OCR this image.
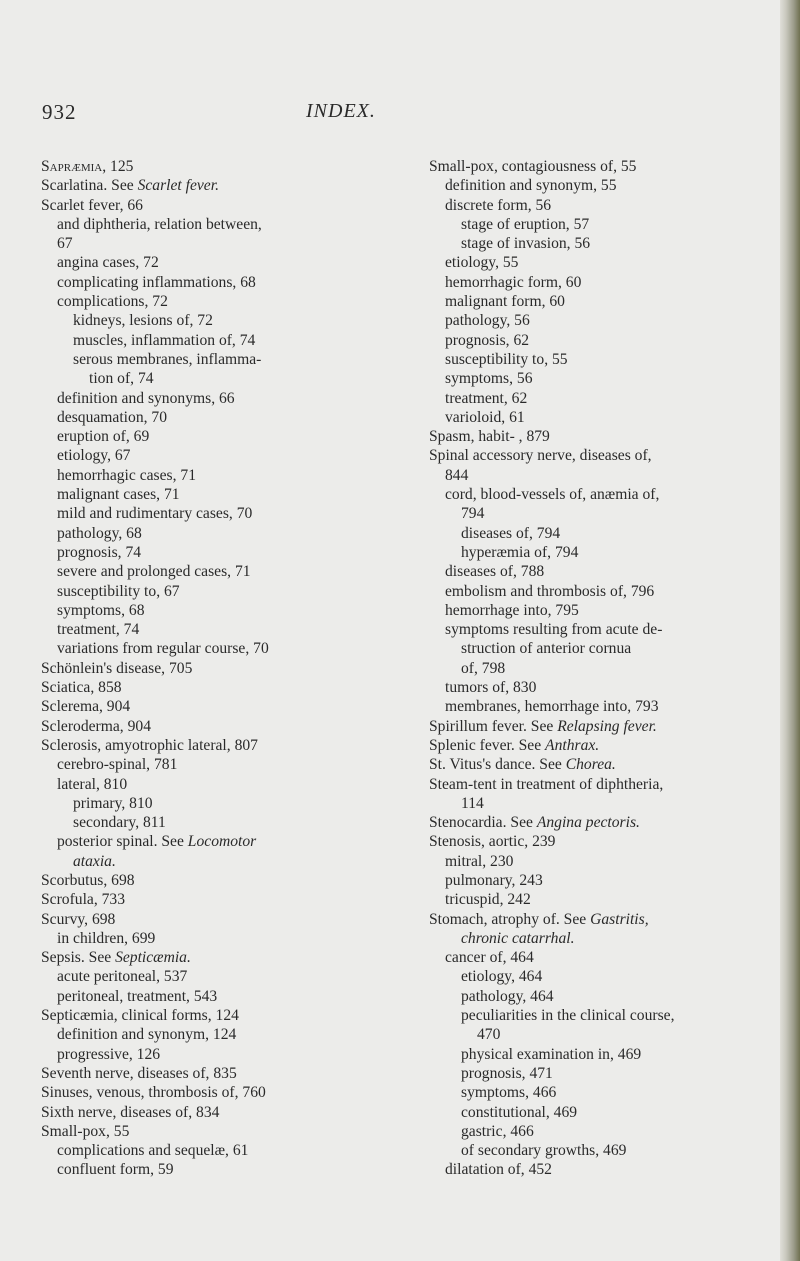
932	INDEX.
Sapræmia, 125
Scarlatina. See Scarlet fever.
Scarlet fever, 66
and diphtheria, relation between,
67
angina cases, 72
complicating inflammations, 68
complications, 72
kidneys, lesions of, 72
muscles, inflammation of, 74
serous membranes, inflamma-
tion of, 74
definition and synonyms, 66
desquamation, 70
eruption of, 69
etiology, 67
hemorrhagic cases, 71
malignant cases, 71
mild and rudimentary cases, 70
pathology, 68
prognosis, 74
severe and prolonged cases, 71
susceptibility to, 67
symptoms, 68
treatment, 74
variations from regular course, 70
Schönlein's disease, 705
Sciatica, 858
Sclerema, 904
Scleroderma, 904
Sclerosis, amyotrophic lateral, 807
cerebro-spinal, 781
lateral, 810
primary, 810
secondary, 811
posterior spinal. See Locomotor
ataxia.
Scorbutus, 698
Scrofula, 733
Scurvy, 698
in children, 699
Sepsis. See Septicæmia.
acute peritoneal, 537
peritoneal, treatment, 543
Septicæmia, clinical forms, 124
definition and synonym, 124
progressive, 126
Seventh nerve, diseases of, 835
Sinuses, venous, thrombosis of, 760
Sixth nerve, diseases of, 834
Small-pox, 55
complications and sequelæ, 61
confluent form, 59
Small-pox, contagiousness of, 55
definition and synonym, 55
discrete form, 56
stage of eruption, 57
stage of invasion, 56
etiology, 55
hemorrhagic form, 60
malignant form, 60
pathology, 56
prognosis, 62
susceptibility to, 55
symptoms, 56
treatment, 62
varioloid, 61
Spasm, habit- , 879
Spinal accessory nerve, diseases of,
844
cord, blood-vessels of, anæmia of,
794
diseases of, 794
hyperæmia of, 794
diseases of, 788
embolism and thrombosis of, 796
hemorrhage into, 795
symptoms resulting from acute de-
struction of anterior cornua
of, 798
tumors of, 830
membranes, hemorrhage into, 793
Spirillum fever. See Relapsing fever.
Splenic fever. See Anthrax.
St. Vitus's dance. See Chorea.
Steam-tent in treatment of diphtheria,
114
Stenocardia. See Angina pectoris.
Stenosis, aortic, 239
mitral, 230
pulmonary, 243
tricuspid, 242
Stomach, atrophy of. See Gastritis,
chronic catarrhal.
cancer of, 464
etiology, 464
pathology, 464
peculiarities in the clinical course,
470
physical examination in, 469
prognosis, 471
symptoms, 466
constitutional, 469
gastric, 466
of secondary growths, 469
dilatation of, 452
